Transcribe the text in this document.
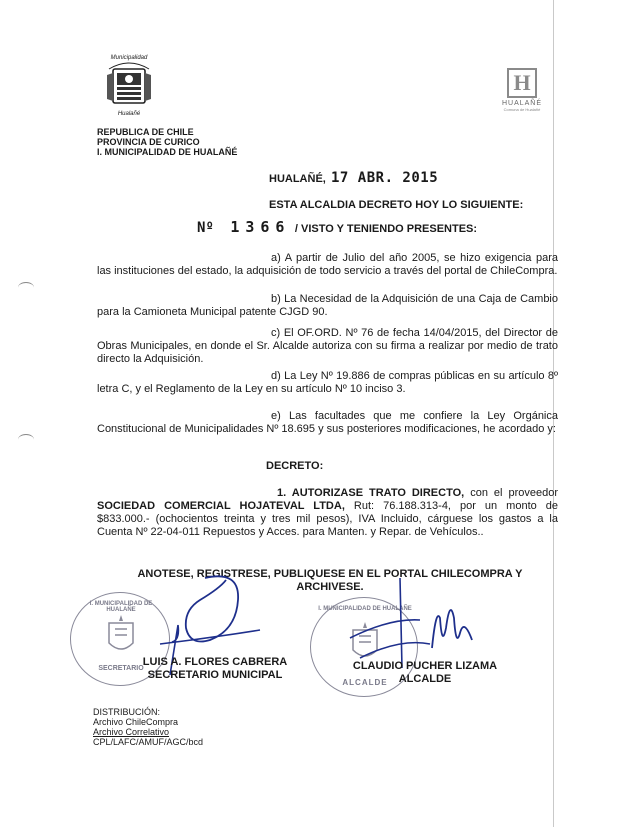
Municipalidad
Hualañé
REPUBLICA DE CHILE
PROVINCIA DE CURICO
I. MUNICIPALIDAD DE HUALAÑÉ
H
HUALAÑÉ
Comuna de Hualañé
HUALAÑÉ, 17 ABR. 2015
ESTA ALCALDIA DECRETO HOY LO SIGUIENTE:
Nº 1366 / VISTO Y TENIENDO PRESENTES:
a) A partir de Julio del año 2005, se hizo exigencia para las instituciones del estado, la adquisición de todo servicio a través del portal de ChileCompra.
b) La Necesidad de la Adquisición de una Caja de Cambio para la Camioneta Municipal patente CJGD 90.
c) El OF.ORD. Nº 76 de fecha 14/04/2015, del Director de Obras Municipales, en donde el Sr. Alcalde autoriza con su firma a realizar por medio de trato directo la Adquisición.
d) La Ley Nº 19.886 de compras públicas en su artículo 8º letra C, y el Reglamento de la Ley en su artículo Nº 10 inciso 3.
e) Las facultades que me confiere la Ley Orgánica Constitucional de Municipalidades Nº 18.695 y sus posteriores modificaciones, he acordado y:
DECRETO:
1. AUTORIZASE TRATO DIRECTO, con el proveedor SOCIEDAD COMERCIAL HOJATEVAL LTDA, Rut: 76.188.313-4, por un monto de $833.000.- (ochocientos treinta y tres mil pesos), IVA Incluido, cárguese los gastos a la Cuenta Nº 22-04-011 Repuestos y Acces. para Manten. y Repar. de Vehículos..
ANOTESE, REGISTRESE, PUBLIQUESE EN EL PORTAL CHILECOMPRA Y ARCHIVESE.
I. MUNICIPALIDAD DE HUALAÑE
SECRETARIO
I. MUNICIPALIDAD DE HUALAÑE
ALCALDE
LUIS A. FLORES CABRERA
SECRETARIO MUNICIPAL
CLAUDIO PUCHER LIZAMA
ALCALDE
DISTRIBUCIÓN:
Archivo ChileCompra
Archivo Correlativo
CPL/LAFC/AMUF/AGC/bcd
